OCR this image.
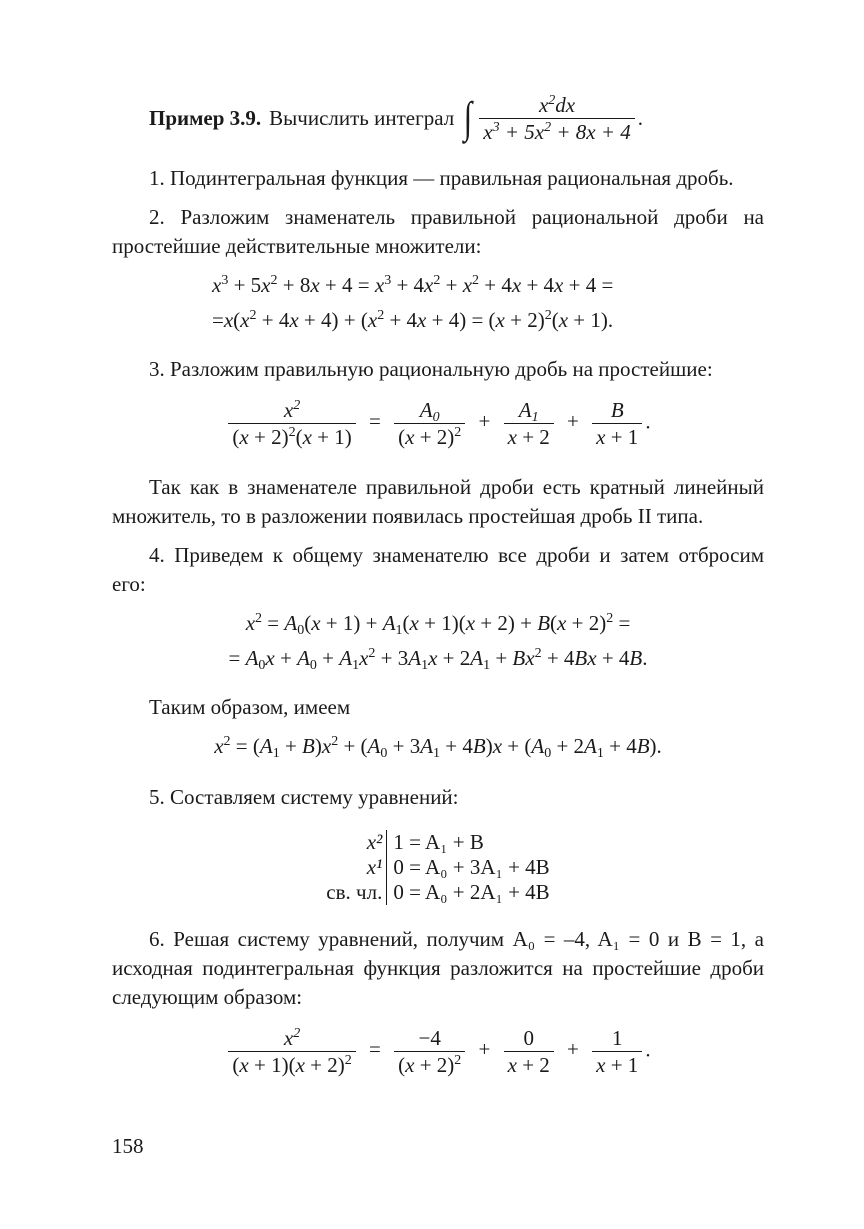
Пример 3.9. Вычислить интеграл ∫ $\frac{x^2dx}{x^3 + 5x^2 + 8x + 4}$ .

1. Подинтегральная функция — правильная рациональная дробь.

2. Разложим знаменатель правильной рациональной дроби на простейшие действительные множители:

$x^3 + 5x^2 + 8x + 4 = x^3 + 4x^2 + x^2 + 4x + 4x + 4$ =

$=x(x^2 + 4x + 4) + (x^2 + 4x + 4) = (x + 2)^2(x + 1)$.

3. Разложим правильную рациональную дробь на простейшие:

$\frac{x^2}{(x + 2)^2(x + 1)} = \frac{A_0}{(x + 2)^2} + \frac{A_1}{x + 2} + \frac{B}{x + 1}$ .

Так как в знаменателе правильной дроби есть кратный линейный множитель, то в разложении появилась простейшая дробь II типа.

4. Приведем к общему знаменателю все дроби и затем отбросим его:

$x^2 = A_0(x + 1) + A_1(x + 1)(x + 2) + B(x + 2)^2$ =

= $A_0x + A_0 + A_1x^2 + 3A_1x + 2A_1 + Bx^2 + 4Bx + 4B$.

Таким образом, имеем

$x^2 = (A_1 + B)x^2 + (A_0 + 3A_1 + 4B)x + (A_0 + 2A_1 + 4B)$.

5. Составляем систему уравнений:

x²
x¹
св. чл.
1 = A₁ + B
0 = A₀ + 3A₁ + 4B
0 = A₀ + 2A₁ + 4B

6. Решая систему уравнений, получим A₀ = –4, A₁ = 0 и B = 1, а исходная подинтегральная функция разложится на простейшие дроби следующим образом:

$\frac{x^2}{(x + 1)(x + 2)^2} = \frac{-4}{(x + 2)^2} + \frac{0}{x + 2} + \frac{1}{x + 1}$ .
158
